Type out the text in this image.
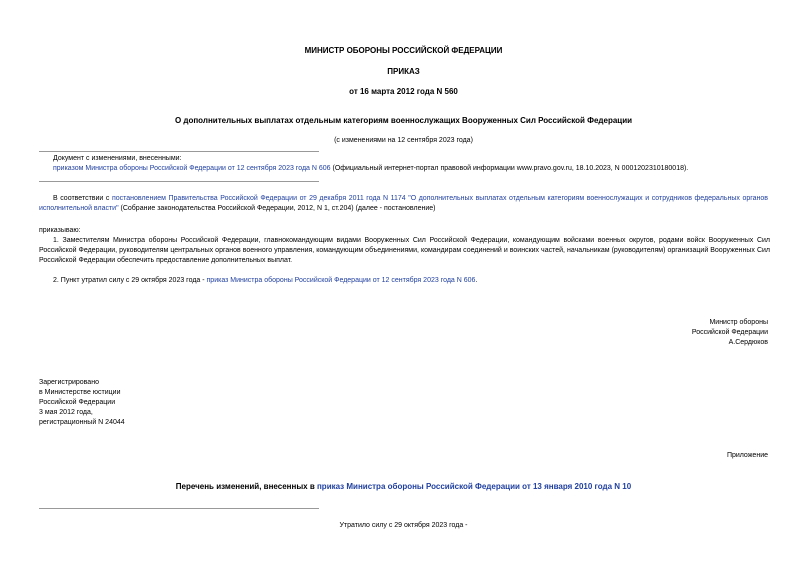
МИНИСТР ОБОРОНЫ РОССИЙСКОЙ ФЕДЕРАЦИИ
ПРИКАЗ
от 16 марта 2012 года N 560
О дополнительных выплатах отдельным категориям военнослужащих Вооруженных Сил Российской Федерации
(с изменениями на 12 сентября 2023 года)
Документ с изменениями, внесенными:
приказом Министра обороны Российской Федерации от 12 сентября 2023 года N 606 (Официальный интернет-портал правовой информации www.pravo.gov.ru, 18.10.2023, N 0001202310180018).
В соответствии с постановлением Правительства Российской Федерации от 29 декабря 2011 года N 1174 "О дополнительных выплатах отдельным категориям военнослужащих и сотрудников федеральных органов исполнительной власти" (Собрание законодательства Российской Федерации, 2012, N 1, ст.204) (далее - постановление)
приказываю:
1. Заместителям Министра обороны Российской Федерации, главнокомандующим видами Вооруженных Сил Российской Федерации, командующим войсками военных округов, родами войск Вооруженных Сил Российской Федерации, руководителям центральных органов военного управления, командующим объединениями, командирам соединений и воинских частей, начальникам (руководителям) организаций Вооруженных Сил Российской Федерации обеспечить предоставление дополнительных выплат.
2. Пункт утратил силу с 29 октября 2023 года - приказ Министра обороны Российской Федерации от 12 сентября 2023 года N 606.
Министр обороны
Российской Федерации
А.Сердюков
Зарегистрировано
в Министерстве юстиции
Российской Федерации
3 мая 2012 года,
регистрационный N 24044
Приложение
Перечень изменений, внесенных в приказ Министра обороны Российской Федерации от 13 января 2010 года N 10
Утратило силу с 29 октября 2023 года -
